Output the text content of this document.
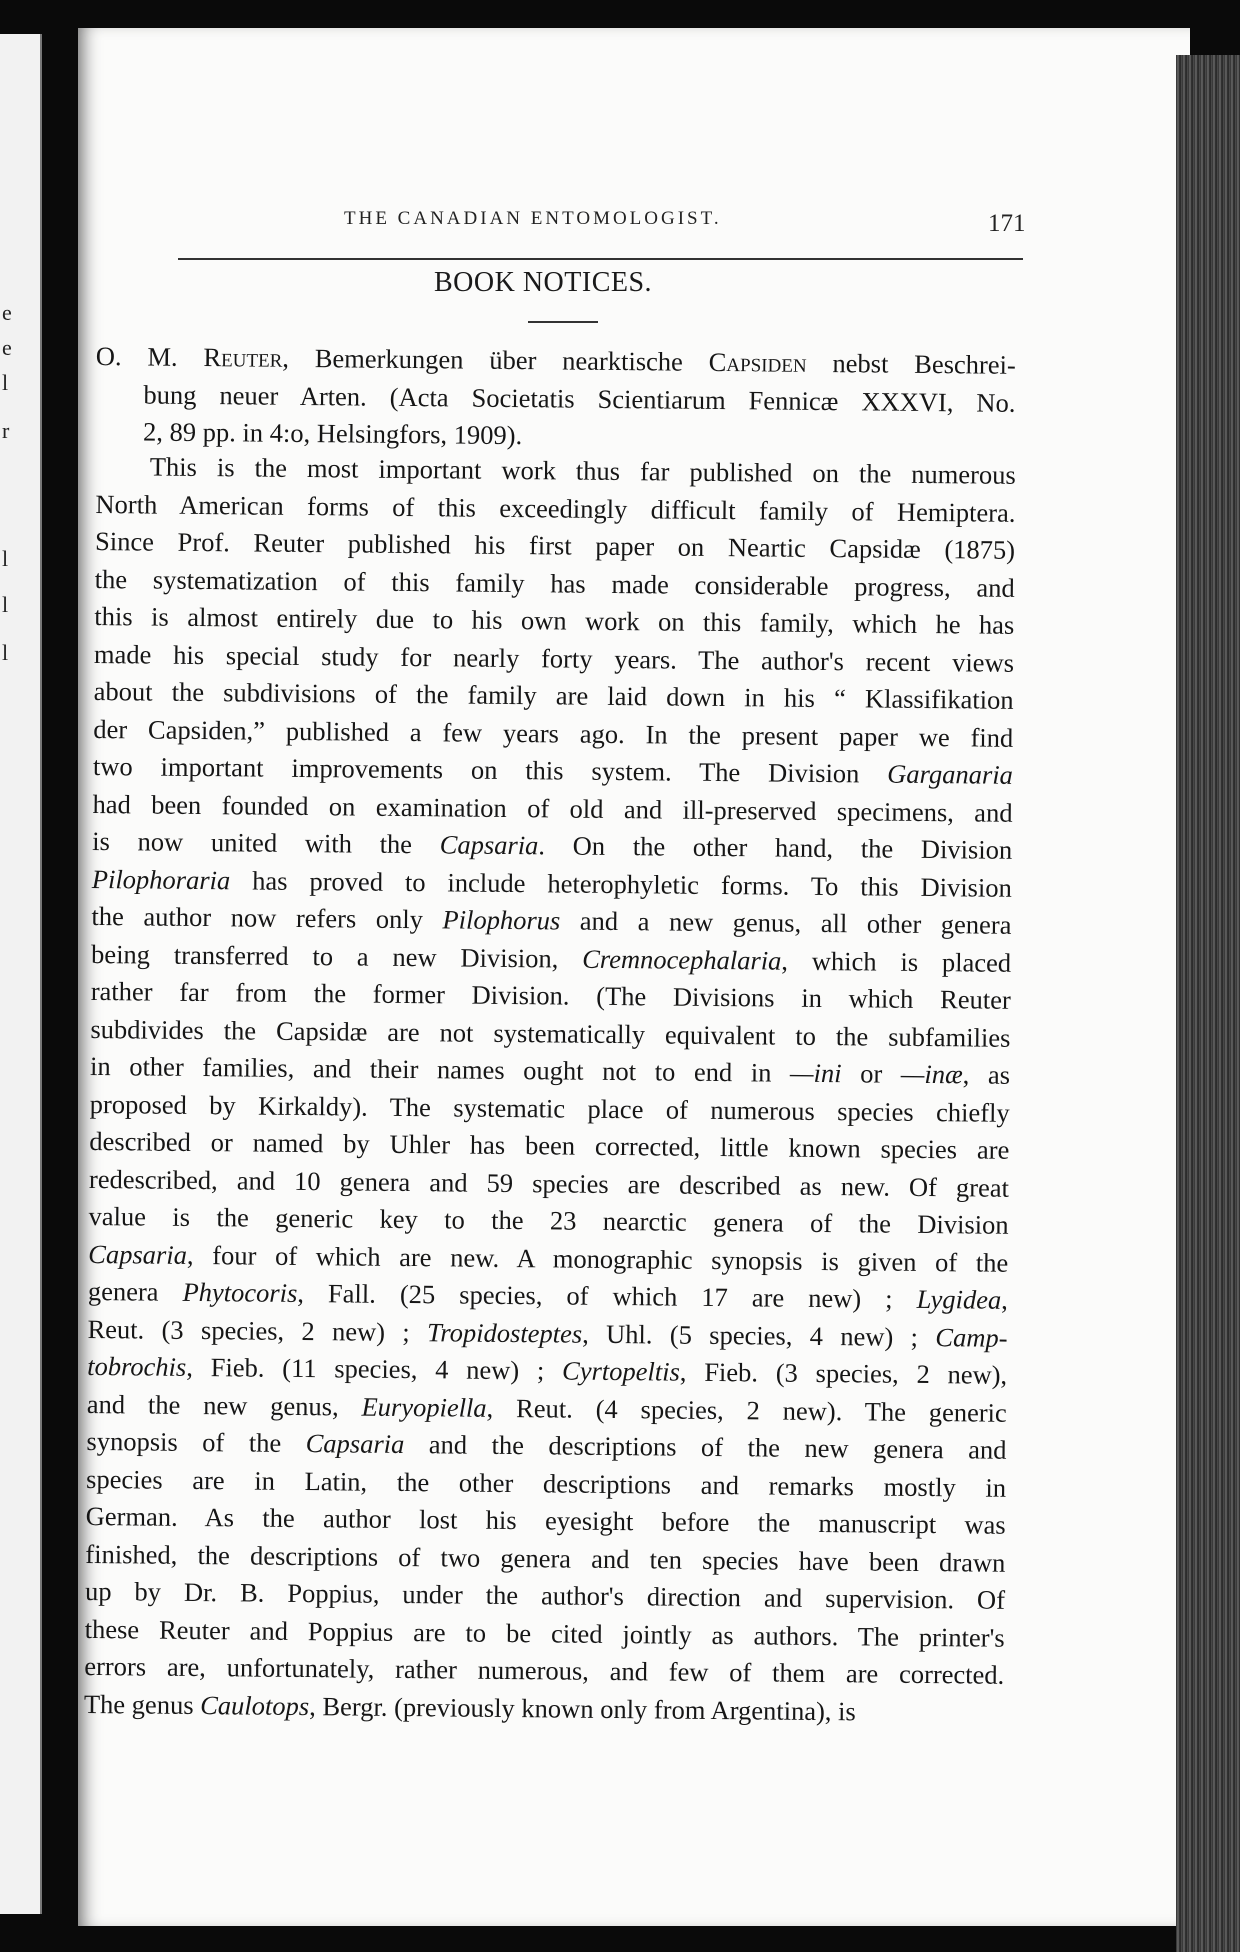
e
e
l
r
l
l
l
THE CANADIAN ENTOMOLOGIST.	171
BOOK NOTICES.
O. M. Reuter, Bemerkungen über nearktische Capsiden nebst Beschrei-
bung neuer Arten. (Acta Societatis Scientiarum Fennicæ XXXVI, No.
2, 89 pp. in 4:o, Helsingfors, 1909).
This is the most important work thus far published on the numerous
North American forms of this exceedingly difficult family of Hemiptera.
Since Prof. Reuter published his first paper on Neartic Capsidæ (1875)
the systematization of this family has made considerable progress, and
this is almost entirely due to his own work on this family, which he has
made his special study for nearly forty years. The author's recent views
about the subdivisions of the family are laid down in his “ Klassifikation
der Capsiden,” published a few years ago. In the present paper we find
two important improvements on this system. The Division Garganaria
had been founded on examination of old and ill-preserved specimens, and
is now united with the Capsaria. On the other hand, the Division
Pilophoraria has proved to include heterophyletic forms. To this Division
the author now refers only Pilophorus and a new genus, all other genera
being transferred to a new Division, Cremnocephalaria, which is placed
rather far from the former Division. (The Divisions in which Reuter
subdivides the Capsidæ are not systematically equivalent to the subfamilies
in other families, and their names ought not to end in —ini or —inæ, as
proposed by Kirkaldy). The systematic place of numerous species chiefly
described or named by Uhler has been corrected, little known species are
redescribed, and 10 genera and 59 species are described as new. Of great
value is the generic key to the 23 nearctic genera of the Division
Capsaria, four of which are new. A monographic synopsis is given of the
genera Phytocoris, Fall. (25 species, of which 17 are new) ; Lygidea,
Reut. (3 species, 2 new) ; Tropidosteptes, Uhl. (5 species, 4 new) ; Camp-
tobrochis, Fieb. (11 species, 4 new) ; Cyrtopeltis, Fieb. (3 species, 2 new),
and the new genus, Euryopiella, Reut. (4 species, 2 new). The generic
synopsis of the Capsaria and the descriptions of the new genera and
species are in Latin, the other descriptions and remarks mostly in
German. As the author lost his eyesight before the manuscript was
finished, the descriptions of two genera and ten species have been drawn
up by Dr. B. Poppius, under the author's direction and supervision. Of
these Reuter and Poppius are to be cited jointly as authors. The printer's
errors are, unfortunately, rather numerous, and few of them are corrected.
The genus Caulotops, Bergr. (previously known only from Argentina), is
